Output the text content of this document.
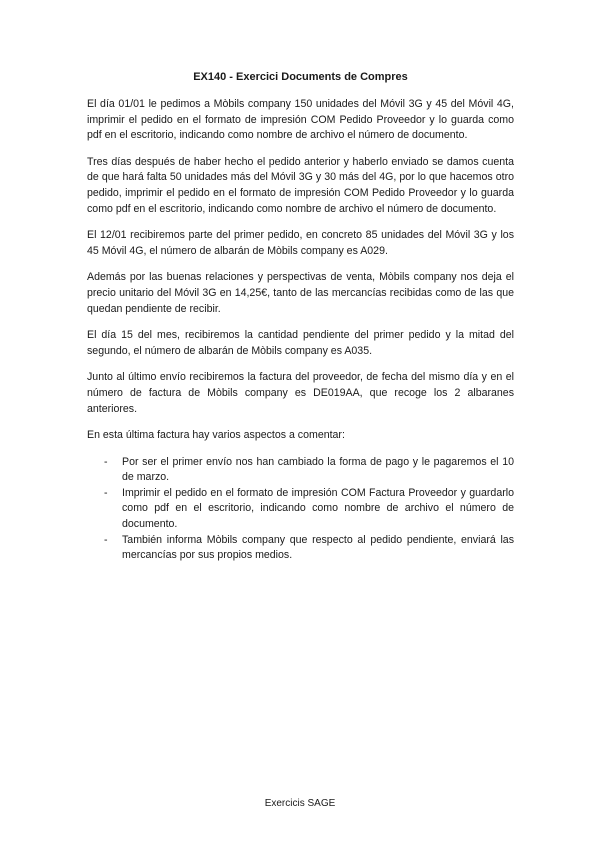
EX140 - Exercici Documents de Compres

El día 01/01 le pedimos a Mòbils company 150 unidades del Móvil 3G y 45 del Móvil 4G, imprimir el pedido en el formato de impresión COM Pedido Proveedor y lo guarda como pdf en el escritorio, indicando como nombre de archivo el número de documento.

Tres días después de haber hecho el pedido anterior y haberlo enviado se damos cuenta de que hará falta 50 unidades más del Móvil 3G y 30 más del 4G, por lo que hacemos otro pedido, imprimir el pedido en el formato de impresión COM Pedido Proveedor y lo guarda como pdf en el escritorio, indicando como nombre de archivo el número de documento.

El 12/01 recibiremos parte del primer pedido, en concreto 85 unidades del Móvil 3G y los 45 Móvil 4G, el número de albarán de Mòbils company es A029.

Además por las buenas relaciones y perspectivas de venta, Mòbils company nos deja el precio unitario del Móvil 3G en 14,25€, tanto de las mercancías recibidas como de las que quedan pendiente de recibir.

El día 15 del mes, recibiremos la cantidad pendiente del primer pedido y la mitad del segundo, el número de albarán de Mòbils company es A035.

Junto al último envío recibiremos la factura del proveedor, de fecha del mismo día y en el número de factura de Mòbils company es DE019AA, que recoge los 2 albaranes anteriores.

En esta última factura hay varios aspectos a comentar:

- Por ser el primer envío nos han cambiado la forma de pago y le pagaremos el 10 de marzo.
- Imprimir el pedido en el formato de impresión COM Factura Proveedor y guardarlo como pdf en el escritorio, indicando como nombre de archivo el número de documento.
- También informa Mòbils company que respecto al pedido pendiente, enviará las mercancías por sus propios medios.
Exercicis SAGE
